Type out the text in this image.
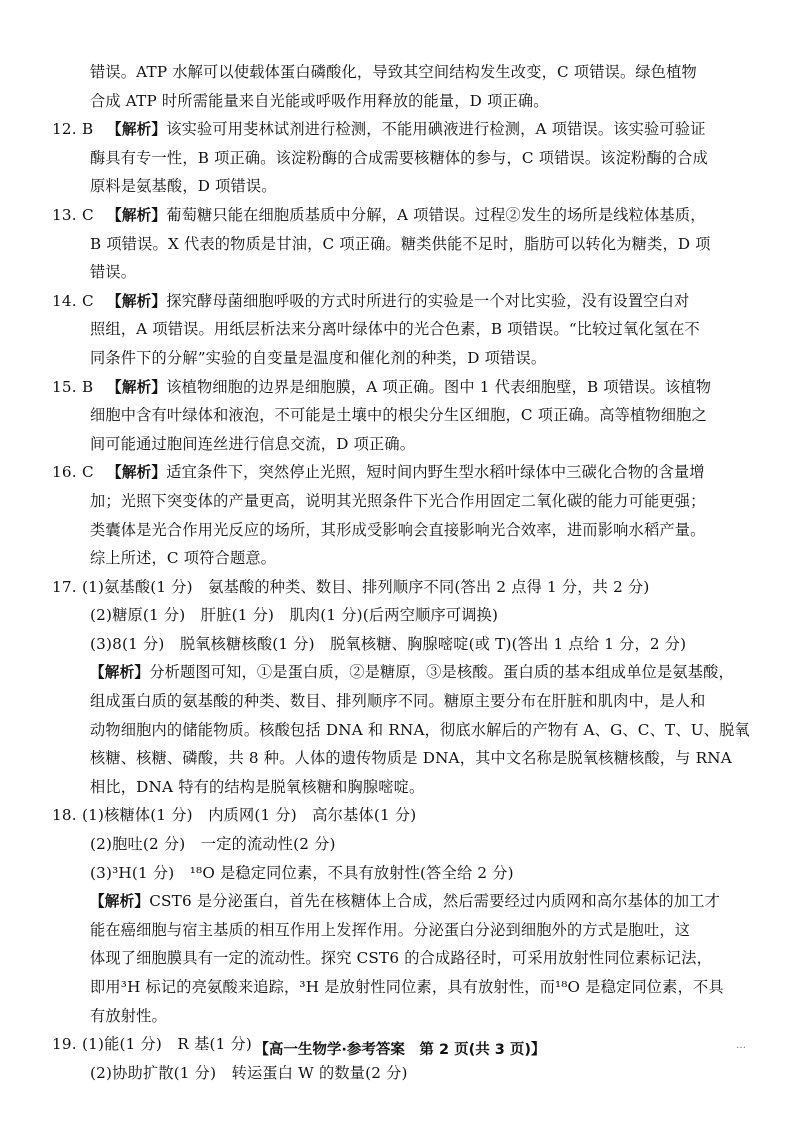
错误。ATP 水解可以使载体蛋白磷酸化，导致其空间结构发生改变，C 项错误。绿色植物
合成 ATP 时所需能量来自光能或呼吸作用释放的能量，D 项正确。
12. B 【解析】该实验可用斐林试剂进行检测，不能用碘液进行检测，A 项错误。该实验可验证
酶具有专一性，B 项正确。该淀粉酶的合成需要核糖体的参与，C 项错误。该淀粉酶的合成
原料是氨基酸，D 项错误。
13. C 【解析】葡萄糖只能在细胞质基质中分解，A 项错误。过程②发生的场所是线粒体基质，
B 项错误。X 代表的物质是甘油，C 项正确。糖类供能不足时，脂肪可以转化为糖类，D 项
错误。
14. C 【解析】探究酵母菌细胞呼吸的方式时所进行的实验是一个对比实验，没有设置空白对
照组，A 项错误。用纸层析法来分离叶绿体中的光合色素，B 项错误。“比较过氧化氢在不
同条件下的分解”实验的自变量是温度和催化剂的种类，D 项错误。
15. B 【解析】该植物细胞的边界是细胞膜，A 项正确。图中 1 代表细胞壁，B 项错误。该植物
细胞中含有叶绿体和液泡，不可能是土壤中的根尖分生区细胞，C 项正确。高等植物细胞之
间可能通过胞间连丝进行信息交流，D 项正确。
16. C 【解析】适宜条件下，突然停止光照，短时间内野生型水稻叶绿体中三碳化合物的含量增
加；光照下突变体的产量更高，说明其光照条件下光合作用固定二氧化碳的能力可能更强；
类囊体是光合作用光反应的场所，其形成受影响会直接影响光合效率，进而影响水稻产量。
综上所述，C 项符合题意。
17. (1)氨基酸(1 分)　氨基酸的种类、数目、排列顺序不同(答出 2 点得 1 分，共 2 分)
(2)糖原(1 分)　肝脏(1 分)　肌肉(1 分)(后两空顺序可调换)
(3)8(1 分)　脱氧核糖核酸(1 分)　脱氧核糖、胸腺嘧啶(或 T)(答出 1 点给 1 分，2 分)
【解析】分析题图可知，①是蛋白质，②是糖原，③是核酸。蛋白质的基本组成单位是氨基酸，
组成蛋白质的氨基酸的种类、数目、排列顺序不同。糖原主要分布在肝脏和肌肉中，是人和
动物细胞内的储能物质。核酸包括 DNA 和 RNA，彻底水解后的产物有 A、G、C、T、U、脱氧
核糖、核糖、磷酸，共 8 种。人体的遗传物质是 DNA，其中文名称是脱氧核糖核酸，与 RNA
相比，DNA 特有的结构是脱氧核糖和胸腺嘧啶。
18. (1)核糖体(1 分)　内质网(1 分)　高尔基体(1 分)
(2)胞吐(2 分)　一定的流动性(2 分)
(3)³H(1 分)　¹⁸O 是稳定同位素，不具有放射性(答全给 2 分)
【解析】CST6 是分泌蛋白，首先在核糖体上合成，然后需要经过内质网和高尔基体的加工才
能在癌细胞与宿主基质的相互作用上发挥作用。分泌蛋白分泌到细胞外的方式是胞吐，这
体现了细胞膜具有一定的流动性。探究 CST6 的合成路径时，可采用放射性同位素标记法，
即用³H 标记的亮氨酸来追踪，³H 是放射性同位素，具有放射性，而¹⁸O 是稳定同位素，不具
有放射性。
19. (1)能(1 分)　R 基(1 分)
(2)协助扩散(1 分)　转运蛋白 W 的数量(2 分)
【高一生物学·参考答案　第 2 页(共 3 页)】	…
